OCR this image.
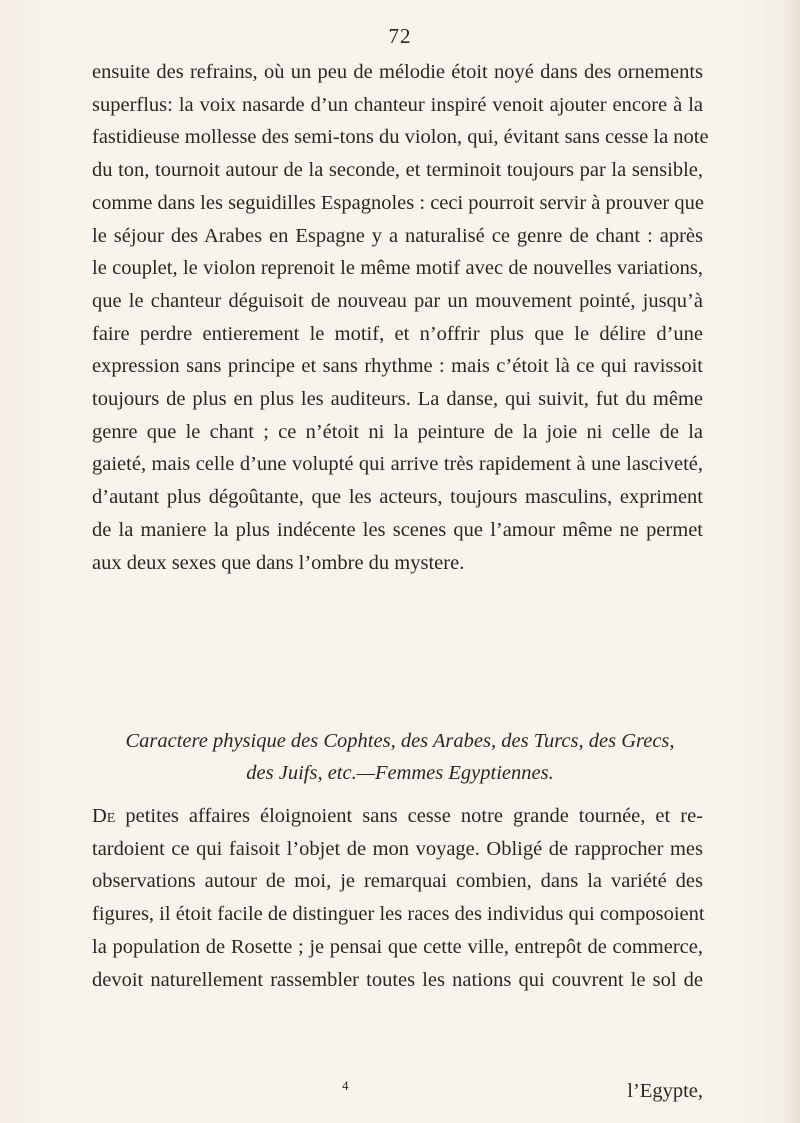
72
ensuite des refrains, où un peu de mélodie étoit noyé dans des ornements
superflus: la voix nasarde d’un chanteur inspiré venoit ajouter encore à la
fastidieuse mollesse des semi-tons du violon, qui, évitant sans cesse la note
du ton, tournoit autour de la seconde, et terminoit toujours par la sensible,
comme dans les seguidilles Espagnoles : ceci pourroit servir à prouver que
le séjour des Arabes en Espagne y a naturalisé ce genre de chant : après
le couplet, le violon reprenoit le même motif avec de nouvelles variations,
que le chanteur déguisoit de nouveau par un mouvement pointé, jusqu’à
faire perdre entierement le motif, et n’offrir plus que le délire d’une
expression sans principe et sans rhythme : mais c’étoit là ce qui ravissoit
toujours de plus en plus les auditeurs. La danse, qui suivit, fut du même
genre que le chant ; ce n’étoit ni la peinture de la joie ni celle de la
gaieté, mais celle d’une volupté qui arrive très rapidement à une lasciveté,
d’autant plus dégoûtante, que les acteurs, toujours masculins, expriment
de la maniere la plus indécente les scenes que l’amour même ne permet
aux deux sexes que dans l’ombre du mystere.
Caractere physique des Cophtes, des Arabes, des Turcs, des Grecs,
des Juifs, etc.—Femmes Egyptiennes.
De petites affaires éloignoient sans cesse notre grande tournée, et re-
tardoient ce qui faisoit l’objet de mon voyage. Obligé de rapprocher mes
observations autour de moi, je remarquai combien, dans la variété des
figures, il étoit facile de distinguer les races des individus qui composoient
la population de Rosette ; je pensai que cette ville, entrepôt de commerce,
devoit naturellement rassembler toutes les nations qui couvrent le sol de
4	l’Egypte,
